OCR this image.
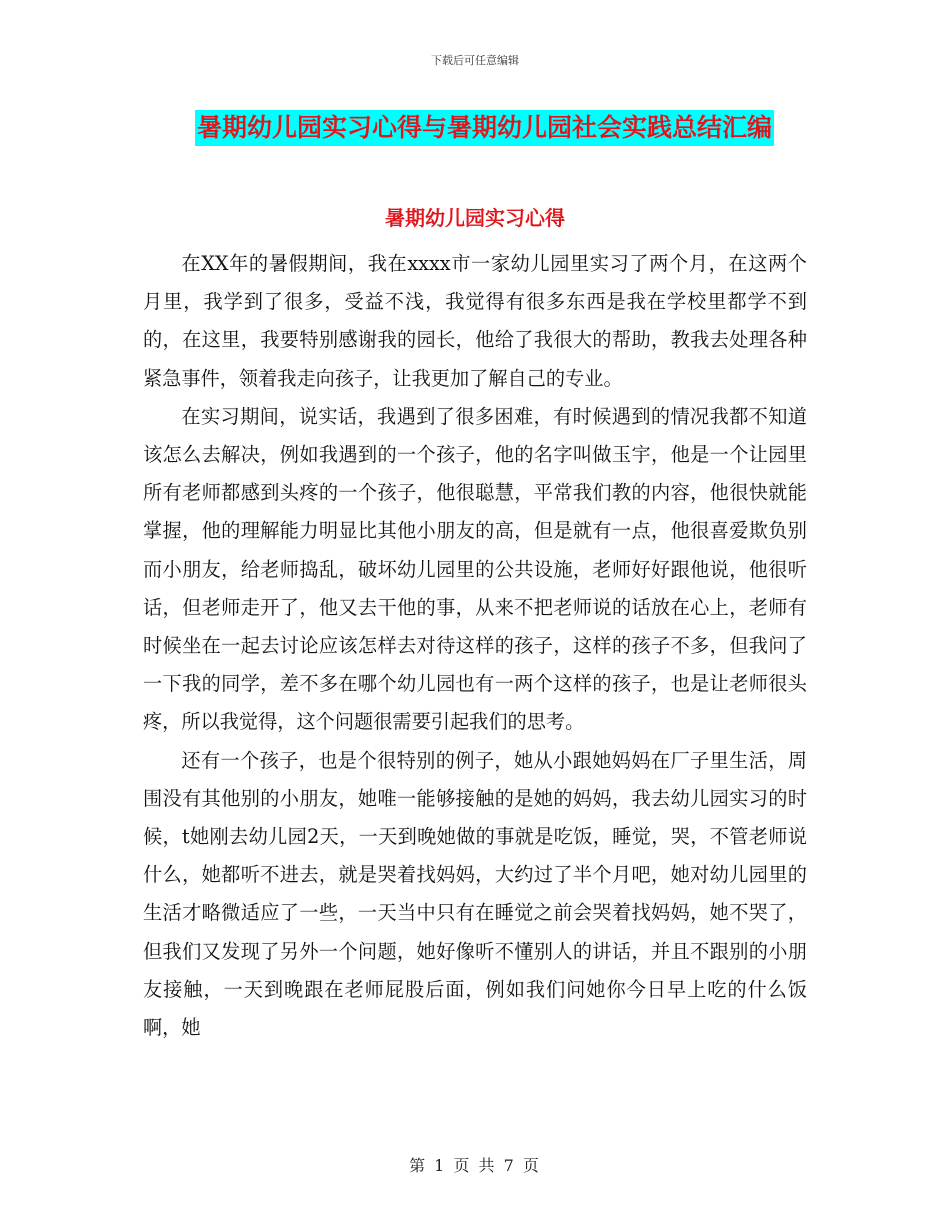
下载后可任意编辑
暑期幼儿园实习心得与暑期幼儿园社会实践总结汇编
暑期幼儿园实习心得

在XX年的暑假期间，我在xxxx市一家幼儿园里实习了两个月，在这两个月里，我学到了很多，受益不浅，我觉得有很多东西是我在学校里都学不到的，在这里，我要特别感谢我的园长，他给了我很大的帮助，教我去处理各种紧急事件，领着我走向孩子，让我更加了解自己的专业。

在实习期间，说实话，我遇到了很多困难，有时候遇到的情况我都不知道该怎么去解决，例如我遇到的一个孩子，他的名字叫做玉宇，他是一个让园里所有老师都感到头疼的一个孩子，他很聪慧，平常我们教的内容，他很快就能掌握，他的理解能力明显比其他小朋友的高，但是就有一点，他很喜爱欺负别而小朋友，给老师捣乱，破坏幼儿园里的公共设施，老师好好跟他说，他很听话，但老师走开了，他又去干他的事，从来不把老师说的话放在心上，老师有时候坐在一起去讨论应该怎样去对待这样的孩子，这样的孩子不多，但我问了一下我的同学，差不多在哪个幼儿园也有一两个这样的孩子，也是让老师很头疼，所以我觉得，这个问题很需要引起我们的思考。

还有一个孩子，也是个很特别的例子，她从小跟她妈妈在厂子里生活，周围没有其他别的小朋友，她唯一能够接触的是她的妈妈，我去幼儿园实习的时候，t她刚去幼儿园2天，一天到晚她做的事就是吃饭，睡觉，哭，不管老师说什么，她都听不进去，就是哭着找妈妈，大约过了半个月吧，她对幼儿园里的生活才略微适应了一些，一天当中只有在睡觉之前会哭着找妈妈，她不哭了，但我们又发现了另外一个问题，她好像听不懂别人的讲话，并且不跟别的小朋友接触，一天到晚跟在老师屁股后面，例如我们问她你今日早上吃的什么饭啊，她

第 1 页 共 7 页
